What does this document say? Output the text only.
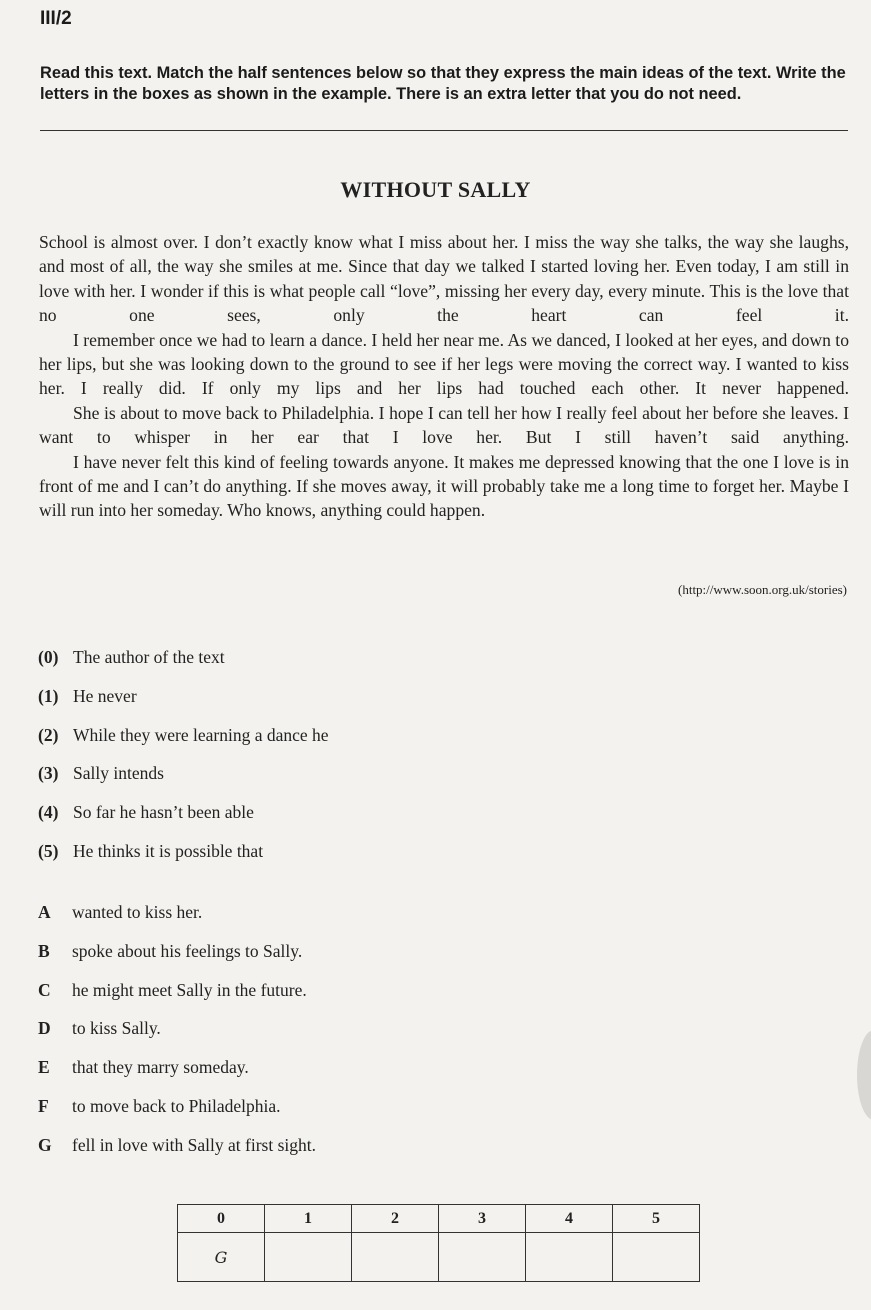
III/2
Read this text. Match the half sentences below so that they express the main ideas of the text. Write the letters in the boxes as shown in the example. There is an extra letter that you do not need.
WITHOUT SALLY

School is almost over. I don’t exactly know what I miss about her. I miss the way she talks, the way she laughs, and most of all, the way she smiles at me. Since that day we talked I started loving her. Even today, I am still in love with her. I wonder if this is what people call “love”, missing her every day, every minute. This is the love that no one sees, only the heart can feel it.

I remember once we had to learn a dance. I held her near me. As we danced, I looked at her eyes, and down to her lips, but she was looking down to the ground to see if her legs were moving the correct way. I wanted to kiss her. I really did. If only my lips and her lips had touched each other. It never happened.

She is about to move back to Philadelphia. I hope I can tell her how I really feel about her before she leaves. I want to whisper in her ear that I love her. But I still haven’t said anything.

I have never felt this kind of feeling towards anyone. It makes me depressed knowing that the one I love is in front of me and I can’t do anything. If she moves away, it will probably take me a long time to forget her. Maybe I will run into her someday. Who knows, anything could happen.

(http://www.soon.org.uk/stories)
(0) The author of the text
(1) He never
(2) While they were learning a dance he
(3) Sally intends
(4) So far he hasn’t been able
(5) He thinks it is possible that
A	wanted to kiss her.
B	spoke about his feelings to Sally.
C	he might meet Sally in the future.
D	to kiss Sally.
E	that they marry someday.
F	to move back to Philadelphia.
G	fell in love with Sally at first sight.
0	1	2	3	4	5
G					
